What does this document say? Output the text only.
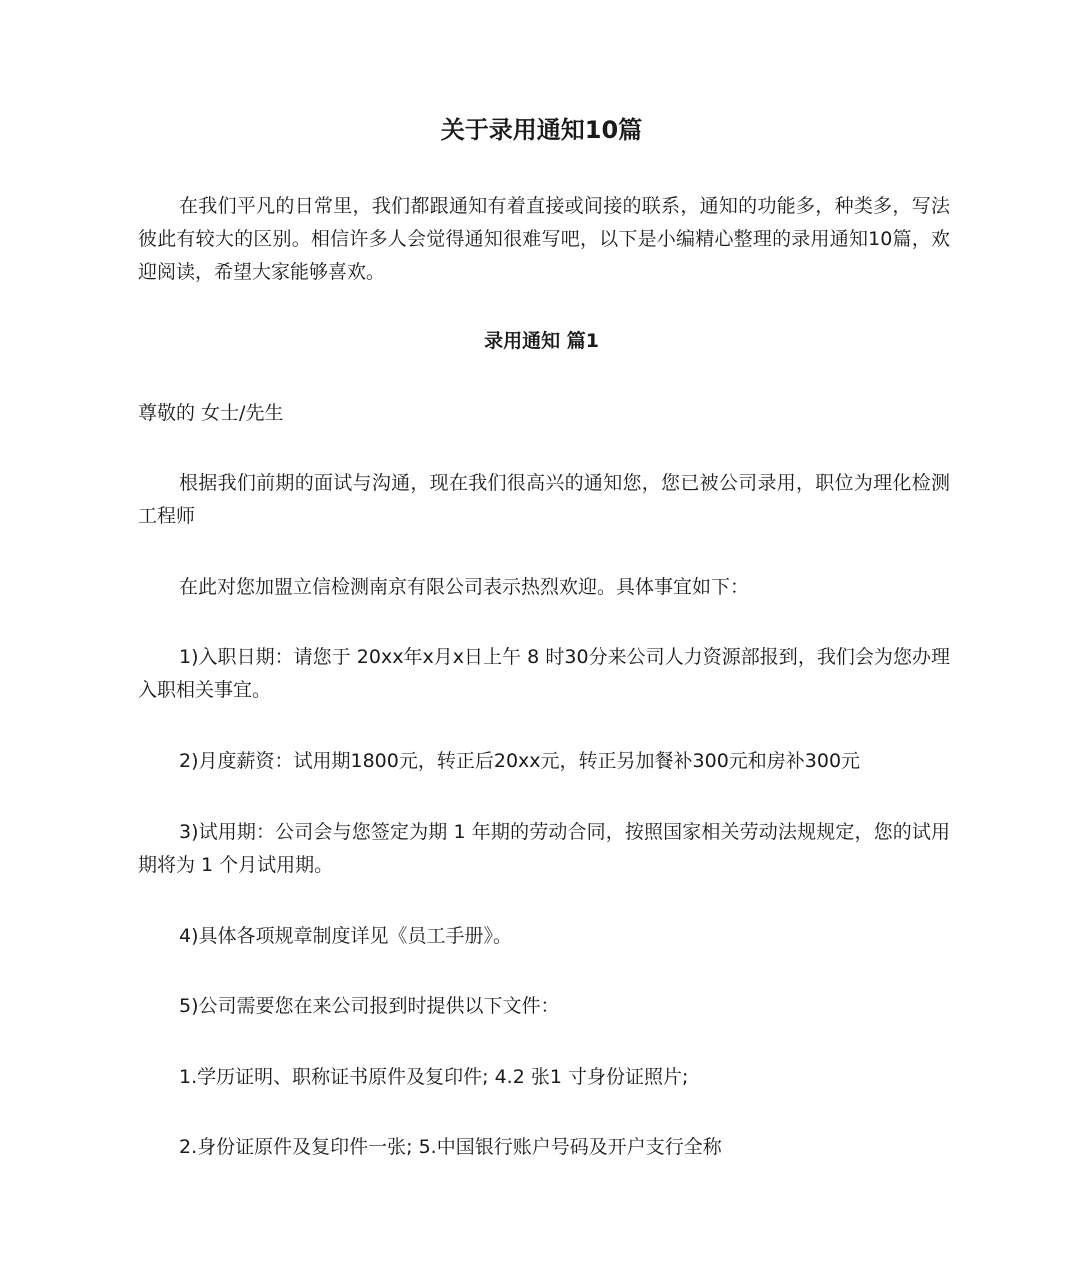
关于录用通知10篇

在我们平凡的日常里，我们都跟通知有着直接或间接的联系，通知的功能多，种类多，写法彼此有较大的区别。相信许多人会觉得通知很难写吧，以下是小编精心整理的录用通知10篇，欢迎阅读，希望大家能够喜欢。

录用通知 篇1

尊敬的 女士/先生

根据我们前期的面试与沟通，现在我们很高兴的通知您，您已被公司录用，职位为理化检测工程师

在此对您加盟立信检测南京有限公司表示热烈欢迎。具体事宜如下：

1)入职日期：请您于 20xx年x月x日上午 8 时30分来公司人力资源部报到，我们会为您办理入职相关事宜。

2)月度薪资：试用期1800元，转正后20xx元，转正另加餐补300元和房补300元

3)试用期：公司会与您签定为期 1 年期的劳动合同，按照国家相关劳动法规规定，您的试用期将为 1 个月试用期。

4)具体各项规章制度详见《员工手册》。

5)公司需要您在来公司报到时提供以下文件：

1.学历证明、职称证书原件及复印件; 4.2 张1 寸身份证照片;

2.身份证原件及复印件一张; 5.中国银行账户号码及开户支行全称
